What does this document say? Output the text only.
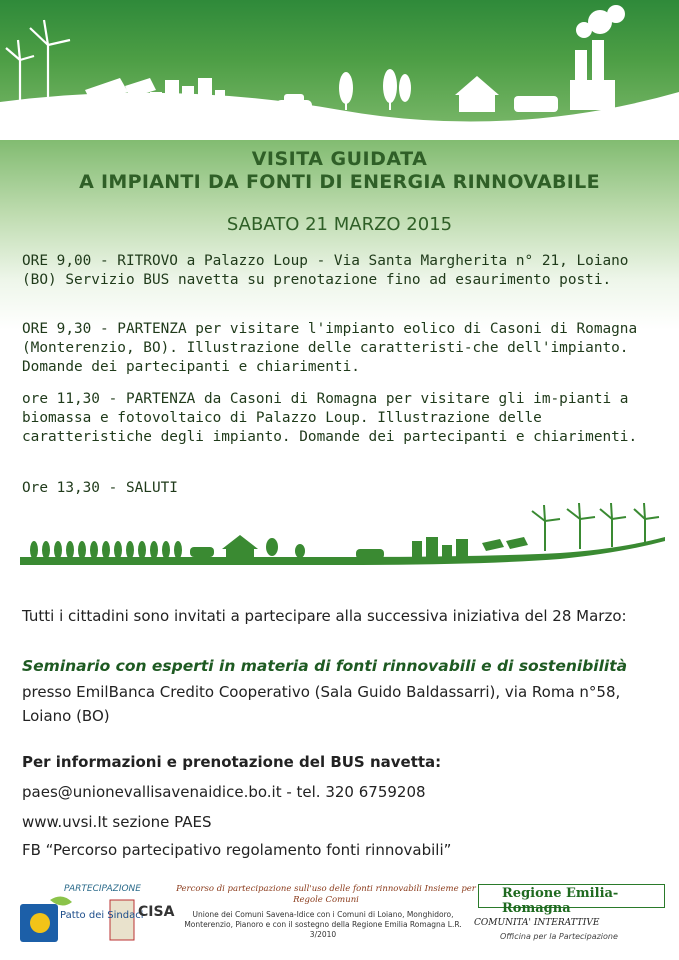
VISITA GUIDATA
A IMPIANTI DA FONTI DI ENERGIA RINNOVABILE
SABATO 21 MARZO 2015
ORE 9,00 - RITROVO a Palazzo Loup - Via Santa Margherita n° 21, Loiano (BO) Servizio BUS navetta su prenotazione fino ad esaurimento posti.
ORE 9,30 - PARTENZA per visitare l'impianto eolico di Casoni di Romagna (Monterenzio, BO). Illustrazione delle caratteristi-che dell'impianto. Domande dei partecipanti e chiarimenti.
ore 11,30 - PARTENZA da Casoni di Romagna per visitare gli im-pianti a biomassa e fotovoltaico di Palazzo Loup. Illustrazione delle caratteristiche degli impianto. Domande dei partecipanti e chiarimenti.
Ore 13,30 - SALUTI
Tutti i cittadini sono invitati a partecipare alla successiva iniziativa del 28 Marzo:
Seminario con esperti in materia di fonti rinnovabili e di sostenibilità
presso EmilBanca Credito Cooperativo (Sala Guido Baldassarri), via Roma n°58, Loiano (BO)
Per informazioni e prenotazione del BUS navetta:
paes@unionevallisavenaidice.bo.it - tel. 320 6759208
www.uvsi.It sezione PAES
FB “Percorso partecipativo regolamento fonti rinnovabili”
PARTECIPAZIONE
Patto dei Sindaci
CISA
Percorso di partecipazione sull'uso delle fonti rinnovabili Insieme per Regole Comuni
Unione dei Comuni Savena-Idice con i Comuni di Loiano, Monghidoro, Monterenzio, Pianoro e con il sostegno della Regione Emilia Romagna L.R. 3/2010
Regione Emilia-Romagna
COMUNITA' INTERATTIVE
Officina per la Partecipazione
